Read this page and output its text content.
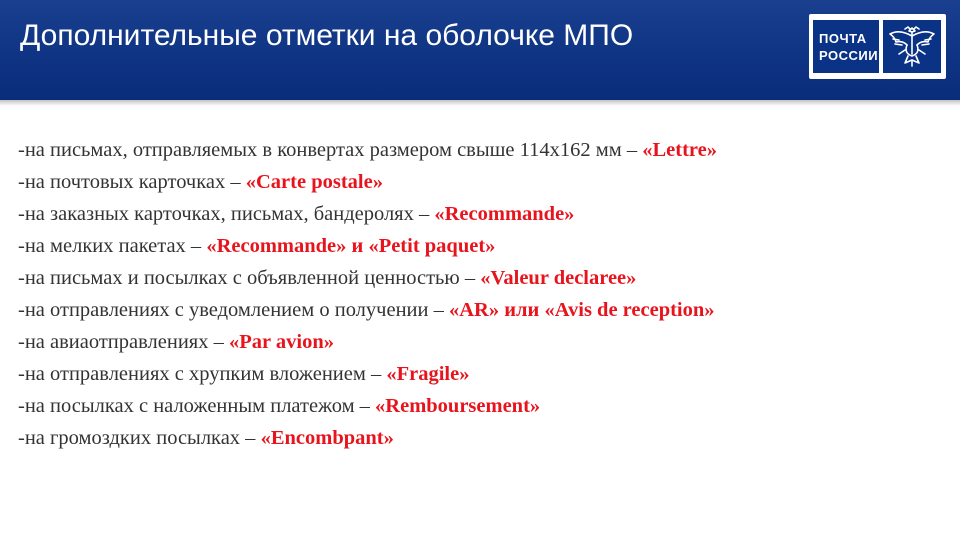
Дополнительные отметки на оболочке МПО	ПОЧТА
РОССИИ
-на письмах, отправляемых в конвертах размером свыше 114x162 мм – «Lettre»
-на почтовых карточках – «Carte postale»
-на заказных карточках, письмах, бандеролях – «Recommande»
-на мелких пакетах – «Recommande» и «Petit paquet»
-на письмах и посылках с объявленной ценностью – «Valeur declaree»
-на отправлениях с уведомлением о получении – «AR» или «Avis de reception»
-на авиаотправлениях – «Par avion»
-на отправлениях с хрупким вложением – «Fragile»
-на посылках с наложенным платежом – «Remboursement»
-на громоздких посылках – «Encombpant»
